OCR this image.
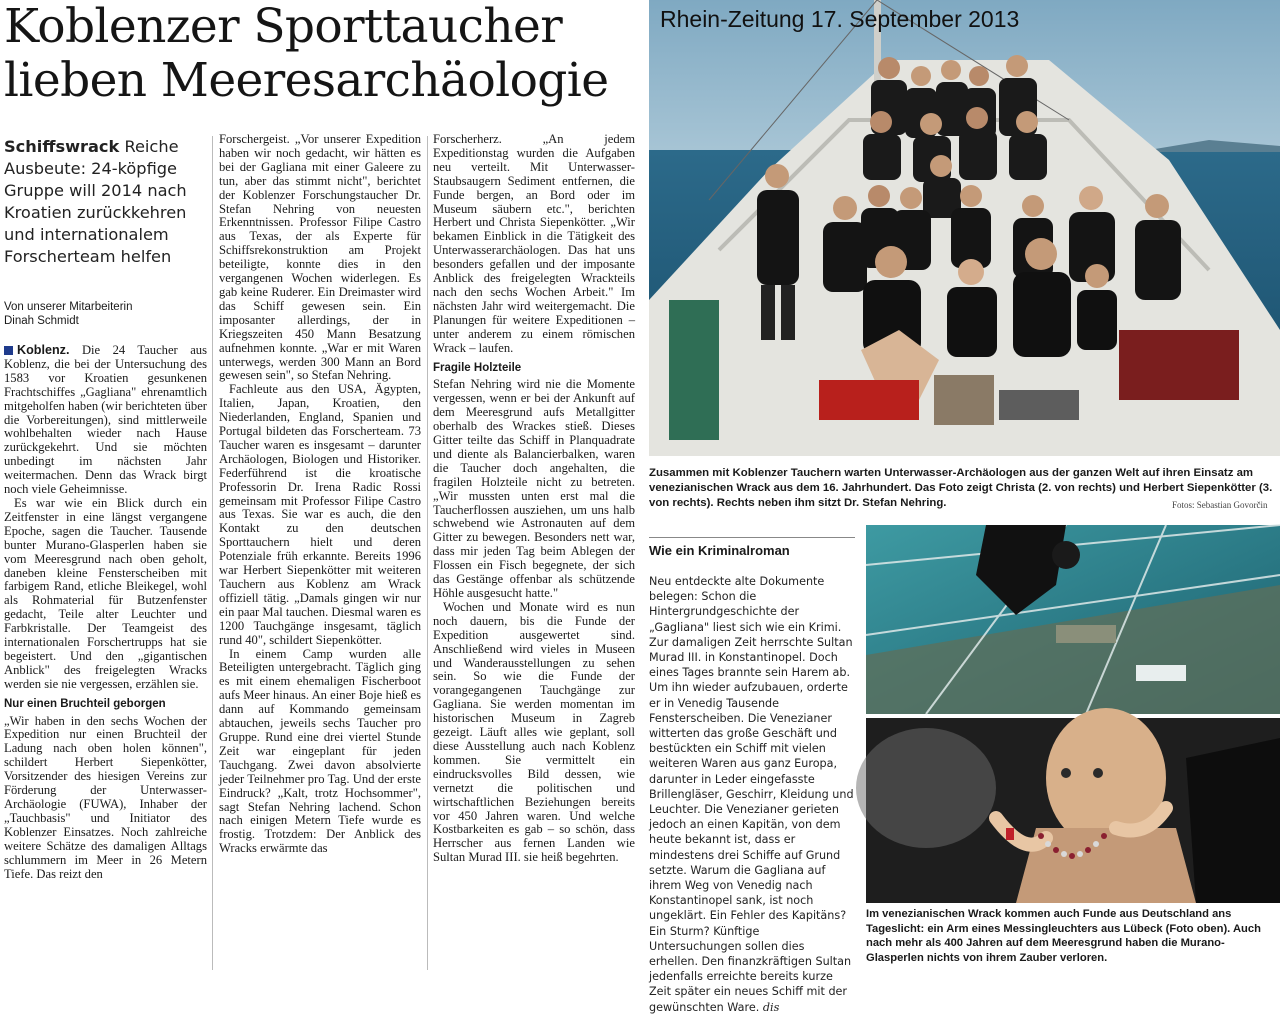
Koblenzer Sporttaucher
lieben Meeresarchäologie
Schiffswrack Reiche Ausbeute: 24-köpfige Gruppe will 2014 nach Kroatien zurückkehren und internationalem Forscherteam helfen
Von unserer Mitarbeiterin
Dinah Schmidt

Koblenz. Die 24 Taucher aus Koblenz, die bei der Untersuchung des 1583 vor Kroatien gesunkenen Frachtschiffes „Gagliana" ehrenamtlich mitgeholfen haben (wir berichteten über die Vorbereitungen), sind mittlerweile wohlbehalten wieder nach Hause zurückgekehrt. Und sie möchten unbedingt im nächsten Jahr weitermachen. Denn das Wrack birgt noch viele Geheimnisse.

Es war wie ein Blick durch ein Zeitfenster in eine längst vergangene Epoche, sagen die Taucher. Tausende bunter Murano-Glasperlen haben sie vom Meeresgrund nach oben geholt, daneben kleine Fensterscheiben mit farbigem Rand, etliche Bleikegel, wohl als Rohmaterial für Butzenfenster gedacht, Teile alter Leuchter und Farbkristalle. Der Teamgeist des internationalen Forschertrupps hat sie begeistert. Und den „gigantischen Anblick" des freigelegten Wracks werden sie nie vergessen, erzählen sie.

Nur einen Bruchteil geborgen

„Wir haben in den sechs Wochen der Expedition nur einen Bruchteil der Ladung nach oben holen können", schildert Herbert Siepenkötter, Vorsitzender des hiesigen Vereins zur Förderung der Unterwasser-Archäologie (FUWA), Inhaber der „Tauchbasis" und Initiator des Koblenzer Einsatzes. Noch zahlreiche weitere Schätze des damaligen Alltags schlummern im Meer in 26 Metern Tiefe. Das reizt den

Forschergeist. „Vor unserer Expedition haben wir noch gedacht, wir hätten es bei der Gagliana mit einer Galeere zu tun, aber das stimmt nicht", berichtet der Koblenzer Forschungstaucher Dr. Stefan Nehring von neuesten Erkenntnissen. Professor Filipe Castro aus Texas, der als Experte für Schiffsrekonstruktion am Projekt beteiligte, konnte dies in den vergangenen Wochen widerlegen. Es gab keine Ruderer. Ein Dreimaster wird das Schiff gewesen sein. Ein imposanter allerdings, der in Kriegszeiten 450 Mann Besatzung aufnehmen konnte. „War er mit Waren unterwegs, werden 300 Mann an Bord gewesen sein", so Stefan Nehring.

Fachleute aus den USA, Ägypten, Italien, Japan, Kroatien, den Niederlanden, England, Spanien und Portugal bildeten das Forscherteam. 73 Taucher waren es insgesamt – darunter Archäologen, Biologen und Historiker. Federführend ist die kroatische Professorin Dr. Irena Radic Rossi gemeinsam mit Professor Filipe Castro aus Texas. Sie war es auch, die den Kontakt zu den deutschen Sporttauchern hielt und deren Potenziale früh erkannte. Bereits 1996 war Herbert Siepenkötter mit weiteren Tauchern aus Koblenz am Wrack offiziell tätig. „Damals gingen wir nur ein paar Mal tauchen. Diesmal waren es 1200 Tauchgänge insgesamt, täglich rund 40", schildert Siepenkötter.

In einem Camp wurden alle Beteiligten untergebracht. Täglich ging es mit einem ehemaligen Fischerboot aufs Meer hinaus. An einer Boje hieß es dann auf Kommando gemeinsam abtauchen, jeweils sechs Taucher pro Gruppe. Rund eine drei viertel Stunde Zeit war eingeplant für jeden Tauchgang. Zwei davon absolvierte jeder Teilnehmer pro Tag. Und der erste Eindruck? „Kalt, trotz Hochsommer", sagt Stefan Nehring lachend. Schon nach einigen Metern Tiefe wurde es frostig. Trotzdem: Der Anblick des Wracks erwärmte das

Forscherherz. „An jedem Expeditionstag wurden die Aufgaben neu verteilt. Mit Unterwasser-Staubsaugern Sediment entfernen, die Funde bergen, an Bord oder im Museum säubern etc.", berichten Herbert und Christa Siepenkötter. „Wir bekamen Einblick in die Tätigkeit des Unterwasserarchäologen. Das hat uns besonders gefallen und der imposante Anblick des freigelegten Wrackteils nach den sechs Wochen Arbeit." Im nächsten Jahr wird weitergemacht. Die Planungen für weitere Expeditionen – unter anderem zu einem römischen Wrack – laufen.

Fragile Holzteile

Stefan Nehring wird nie die Momente vergessen, wenn er bei der Ankunft auf dem Meeresgrund aufs Metallgitter oberhalb des Wrackes stieß. Dieses Gitter teilte das Schiff in Planquadrate und diente als Balancierbalken, waren die Taucher doch angehalten, die fragilen Holzteile nicht zu betreten. „Wir mussten unten erst mal die Taucherflossen ausziehen, um uns halb schwebend wie Astronauten auf dem Gitter zu bewegen. Besonders nett war, dass mir jeden Tag beim Ablegen der Flossen ein Fisch begegnete, der sich das Gestänge offenbar als schützende Höhle ausgesucht hatte."

Wochen und Monate wird es nun noch dauern, bis die Funde der Expedition ausgewertet sind. Anschließend wird vieles in Museen und Wanderausstellungen zu sehen sein. So wie die Funde der vorangegangenen Tauchgänge zur Gagliana. Sie werden momentan im historischen Museum in Zagreb gezeigt. Läuft alles wie geplant, soll diese Ausstellung auch nach Koblenz kommen. Sie vermittelt ein eindrucksvolles Bild dessen, wie vernetzt die politischen und wirtschaftlichen Beziehungen bereits vor 450 Jahren waren. Und welche Kostbarkeiten es gab – so schön, dass Herrscher aus fernen Landen wie Sultan Murad III. sie heiß begehrten.

Rhein-Zeitung 17. September 2013
Zusammen mit Koblenzer Tauchern warten Unterwasser-Archäologen aus der ganzen Welt auf ihren Einsatz am venezianischen Wrack aus dem 16. Jahrhundert. Das Foto zeigt Christa (2. von rechts) und Herbert Siepenkötter (3. von rechts). Rechts neben ihm sitzt Dr. Stefan Nehring.	Fotos: Sebastian Govorčin
Wie ein Kriminalroman
Neu entdeckte alte Dokumente belegen: Schon die Hintergrundgeschichte der „Gagliana" liest sich wie ein Krimi. Zur damaligen Zeit herrschte Sultan Murad III. in Konstantinopel. Doch eines Tages brannte sein Harem ab. Um ihn wieder aufzubauen, orderte er in Venedig Tausende Fensterscheiben. Die Venezianer witterten das große Geschäft und bestückten ein Schiff mit vielen weiteren Waren aus ganz Europa, darunter in Leder eingefasste Brillengläser, Geschirr, Kleidung und Leuchter. Die Venezianer gerieten jedoch an einen Kapitän, von dem heute bekannt ist, dass er mindestens drei Schiffe auf Grund setzte. Warum die Gagliana auf ihrem Weg von Venedig nach Konstantinopel sank, ist noch ungeklärt. Ein Fehler des Kapitäns? Ein Sturm? Künftige Untersuchungen sollen dies erhellen. Den finanzkräftigen Sultan jedenfalls erreichte bereits kurze Zeit später ein neues Schiff mit der gewünschten Ware. dis
Im venezianischen Wrack kommen auch Funde aus Deutschland ans Tageslicht: ein Arm eines Messingleuchters aus Lübeck (Foto oben). Auch nach mehr als 400 Jahren auf dem Meeresgrund haben die Murano-Glasperlen nichts von ihrem Zauber verloren.
